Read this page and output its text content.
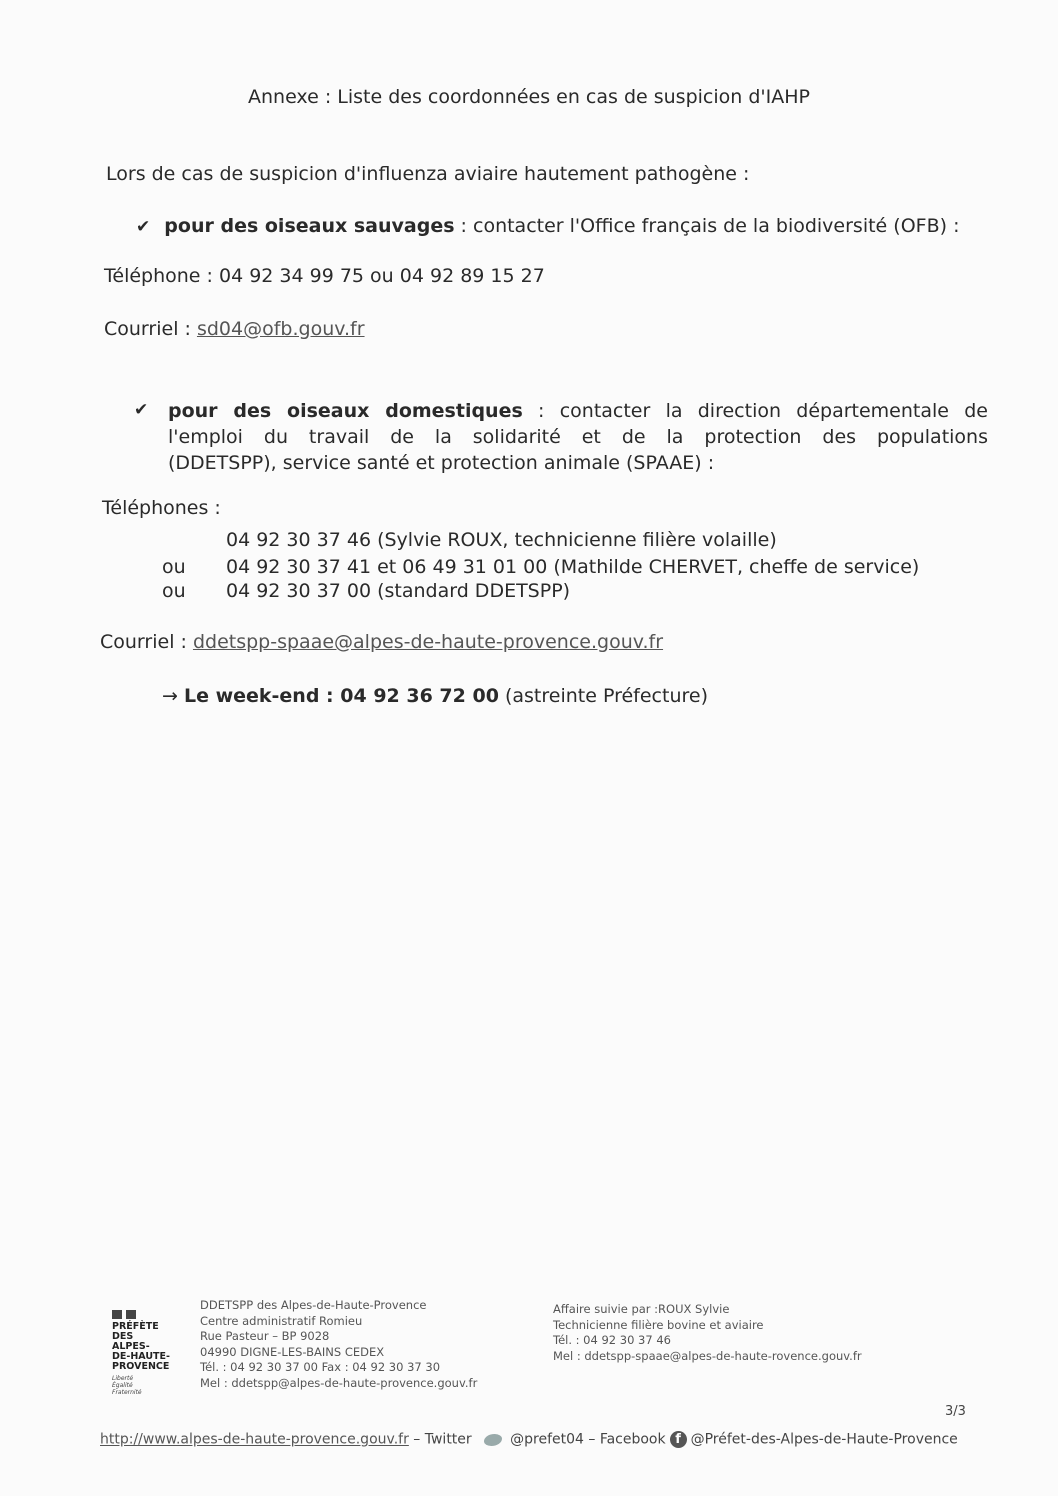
Annexe : Liste des coordonnées en cas de suspicion d'IAHP
Lors de cas de suspicion d'influenza aviaire hautement pathogène :
✔ pour des oiseaux sauvages : contacter l'Office français de la biodiversité (OFB) :
Téléphone : 04 92 34 99 75 ou 04 92 89 15 27
Courriel : sd04@ofb.gouv.fr
✔ pour des oiseaux domestiques : contacter la direction départementale de
l'emploi du travail de la solidarité et de la protection des populations
(DDETSPP), service santé et protection animale (SPAAE) :
Téléphones :
04 92 30 37 46 (Sylvie ROUX, technicienne filière volaille)
ou 04 92 30 37 41 et 06 49 31 01 00 (Mathilde CHERVET, cheffe de service)
ou 04 92 30 37 00 (standard DDETSPP)
Courriel : ddetspp-spaae@alpes-de-haute-provence.gouv.fr
→ Le week-end : 04 92 36 72 00 (astreinte Préfecture)
PRÉFÈTE
DES ALPES-
DE-HAUTE-
PROVENCE
Liberté
Égalité
Fraternité
DDETSPP des Alpes-de-Haute-Provence
Centre administratif Romieu
Rue Pasteur – BP 9028
04990 DIGNE-LES-BAINS CEDEX
Tél. : 04 92 30 37 00 Fax : 04 92 30 37 30
Mel : ddetspp@alpes-de-haute-provence.gouv.fr
Affaire suivie par :ROUX Sylvie
Technicienne filière bovine et aviaire
Tél. : 04 92 30 37 46
Mel : ddetspp-spaae@alpes-de-haute-rovence.gouv.fr
3/3
http://www.alpes-de-haute-provence.gouv.fr – Twitter @prefet04 – Facebook f @Préfet-des-Alpes-de-Haute-Provence
